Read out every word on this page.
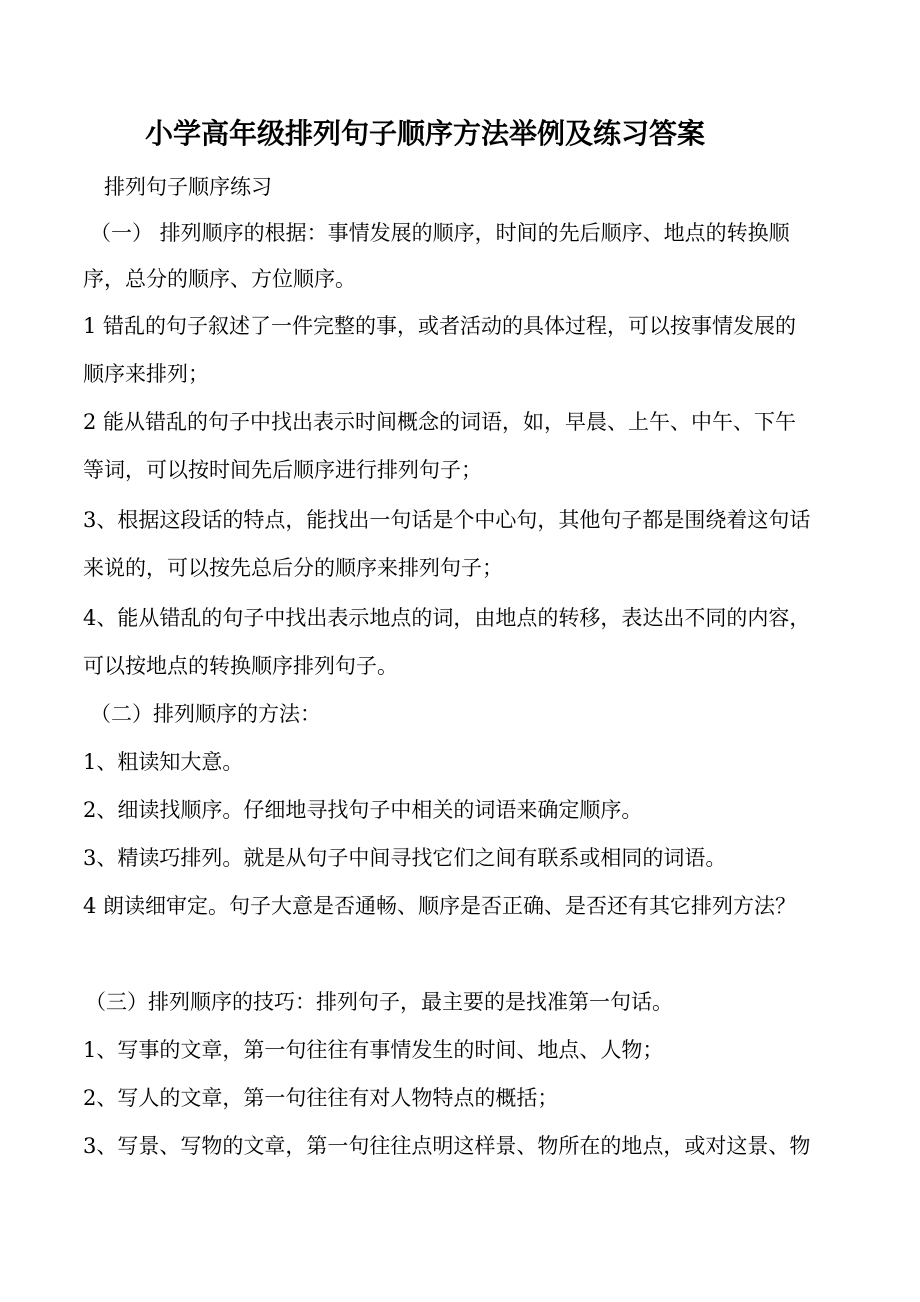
小学高年级排列句子顺序方法举例及练习答案
排列句子顺序练习
（一） 排列顺序的根据：事情发展的顺序，时间的先后顺序、地点的转换顺
序，总分的顺序、方位顺序。
1 错乱的句子叙述了一件完整的事，或者活动的具体过程，可以按事情发展的
顺序来排列；
2 能从错乱的句子中找出表示时间概念的词语，如，早晨、上午、中午、下午
等词，可以按时间先后顺序进行排列句子；
3、根据这段话的特点，能找出一句话是个中心句，其他句子都是围绕着这句话
来说的，可以按先总后分的顺序来排列句子；
4、能从错乱的句子中找出表示地点的词，由地点的转移，表达出不同的内容，
可以按地点的转换顺序排列句子。
（二）排列顺序的方法：
1、粗读知大意。
2、细读找顺序。仔细地寻找句子中相关的词语来确定顺序。
3、精读巧排列。就是从句子中间寻找它们之间有联系或相同的词语。
4 朗读细审定。句子大意是否通畅、顺序是否正确、是否还有其它排列方法？
（三）排列顺序的技巧：排列句子，最主要的是找准第一句话。
1、写事的文章，第一句往往有事情发生的时间、地点、人物；
2、写人的文章，第一句往往有对人物特点的概括；
3、写景、写物的文章，第一句往往点明这样景、物所在的地点，或对这景、物
